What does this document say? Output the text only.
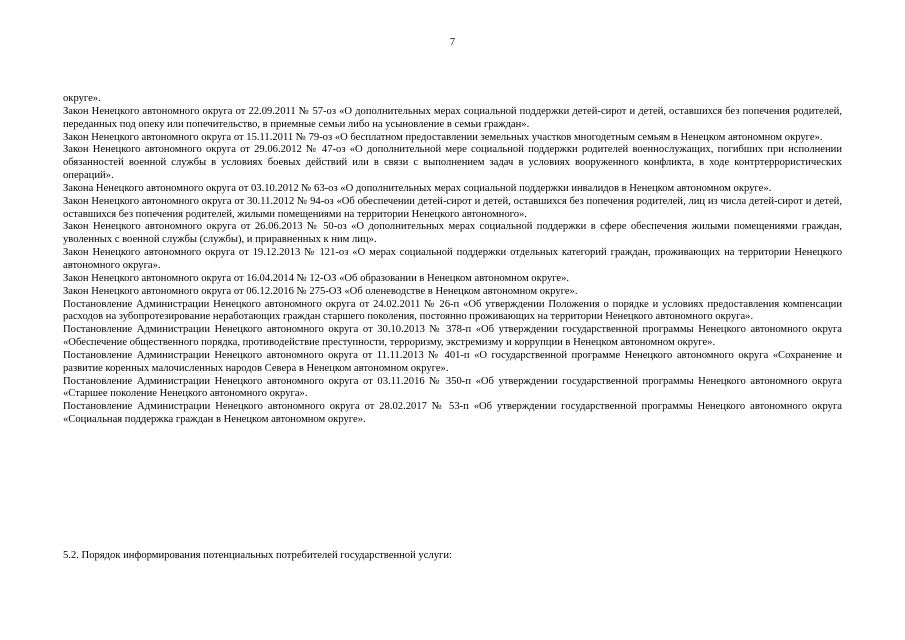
7

округе».

Закон Ненецкого автономного округа от 22.09.2011 № 57-оз «О дополнительных мерах социальной поддержки детей-сирот и детей, оставшихся без попечения родителей, переданных под опеку или попечительство, в приемные семьи либо на усыновление в семьи граждан».

Закон Ненецкого автономного округа от 15.11.2011 № 79-оз «О бесплатном предоставлении земельных участков многодетным семьям в Ненецком автономном округе».

Закон Ненецкого автономного округа от 29.06.2012 № 47-оз «О дополнительной мере социальной поддержки родителей военнослужащих, погибших при исполнении обязанностей военной службы в условиях боевых действий или в связи с выполнением задач в условиях вооруженного конфликта, в ходе контртеррористических операций».

Закона Ненецкого автономного округа от 03.10.2012 № 63-оз «О дополнительных мерах социальной поддержки инвалидов в Ненецком автономном округе».

Закон Ненецкого автономного округа от 30.11.2012 № 94-оз «Об обеспечении детей-сирот и детей, оставшихся без попечения родителей, лиц из числа детей-сирот и детей, оставшихся без попечения родителей, жилыми помещениями на территории Ненецкого автономного».

Закон Ненецкого автономного округа от 26.06.2013 № 50-оз «О дополнительных мерах социальной поддержки в сфере обеспечения жилыми помещениями граждан, уволенных с военной службы (службы), и приравненных к ним лиц».

Закон Ненецкого автономного округа от 19.12.2013 № 121-оз «О мерах социальной поддержки отдельных категорий граждан, проживающих на территории Ненецкого автономного округа».

Закон Ненецкого автономного округа от 16.04.2014 № 12-ОЗ «Об образовании в Ненецком автономном округе».

Закон Ненецкого автономного округа от 06.12.2016 № 275-ОЗ «Об оленеводстве в Ненецком автономном округе».

Постановление Администрации Ненецкого автономного округа от 24.02.2011 № 26-п «Об утверждении Положения о порядке и условиях предоставления компенсации расходов на зубопротезирование неработающих граждан старшего поколения, постоянно проживающих на территории Ненецкого автономного округа».

Постановление Администрации Ненецкого автономного округа от 30.10.2013 № 378-п «Об утверждении государственной программы Ненецкого автономного округа «Обеспечение общественного порядка, противодействие преступности, терроризму, экстремизму и коррупции в Ненецком автономном округе».

Постановление Администрации Ненецкого автономного округа от 11.11.2013 № 401-п «О государственной программе Ненецкого автономного округа «Сохранение и развитие коренных малочисленных народов Севера в Ненецком автономном округе».

Постановление Администрации Ненецкого автономного округа от 03.11.2016 № 350-п «Об утверждении государственной программы Ненецкого автономного округа «Старшее поколение Ненецкого автономного округа».

Постановление Администрации Ненецкого автономного округа от 28.02.2017 № 53-п «Об утверждении государственной программы Ненецкого автономного округа «Социальная поддержка граждан в Ненецком автономном округе».

5.2. Порядок информирования потенциальных потребителей государственной услуги:
